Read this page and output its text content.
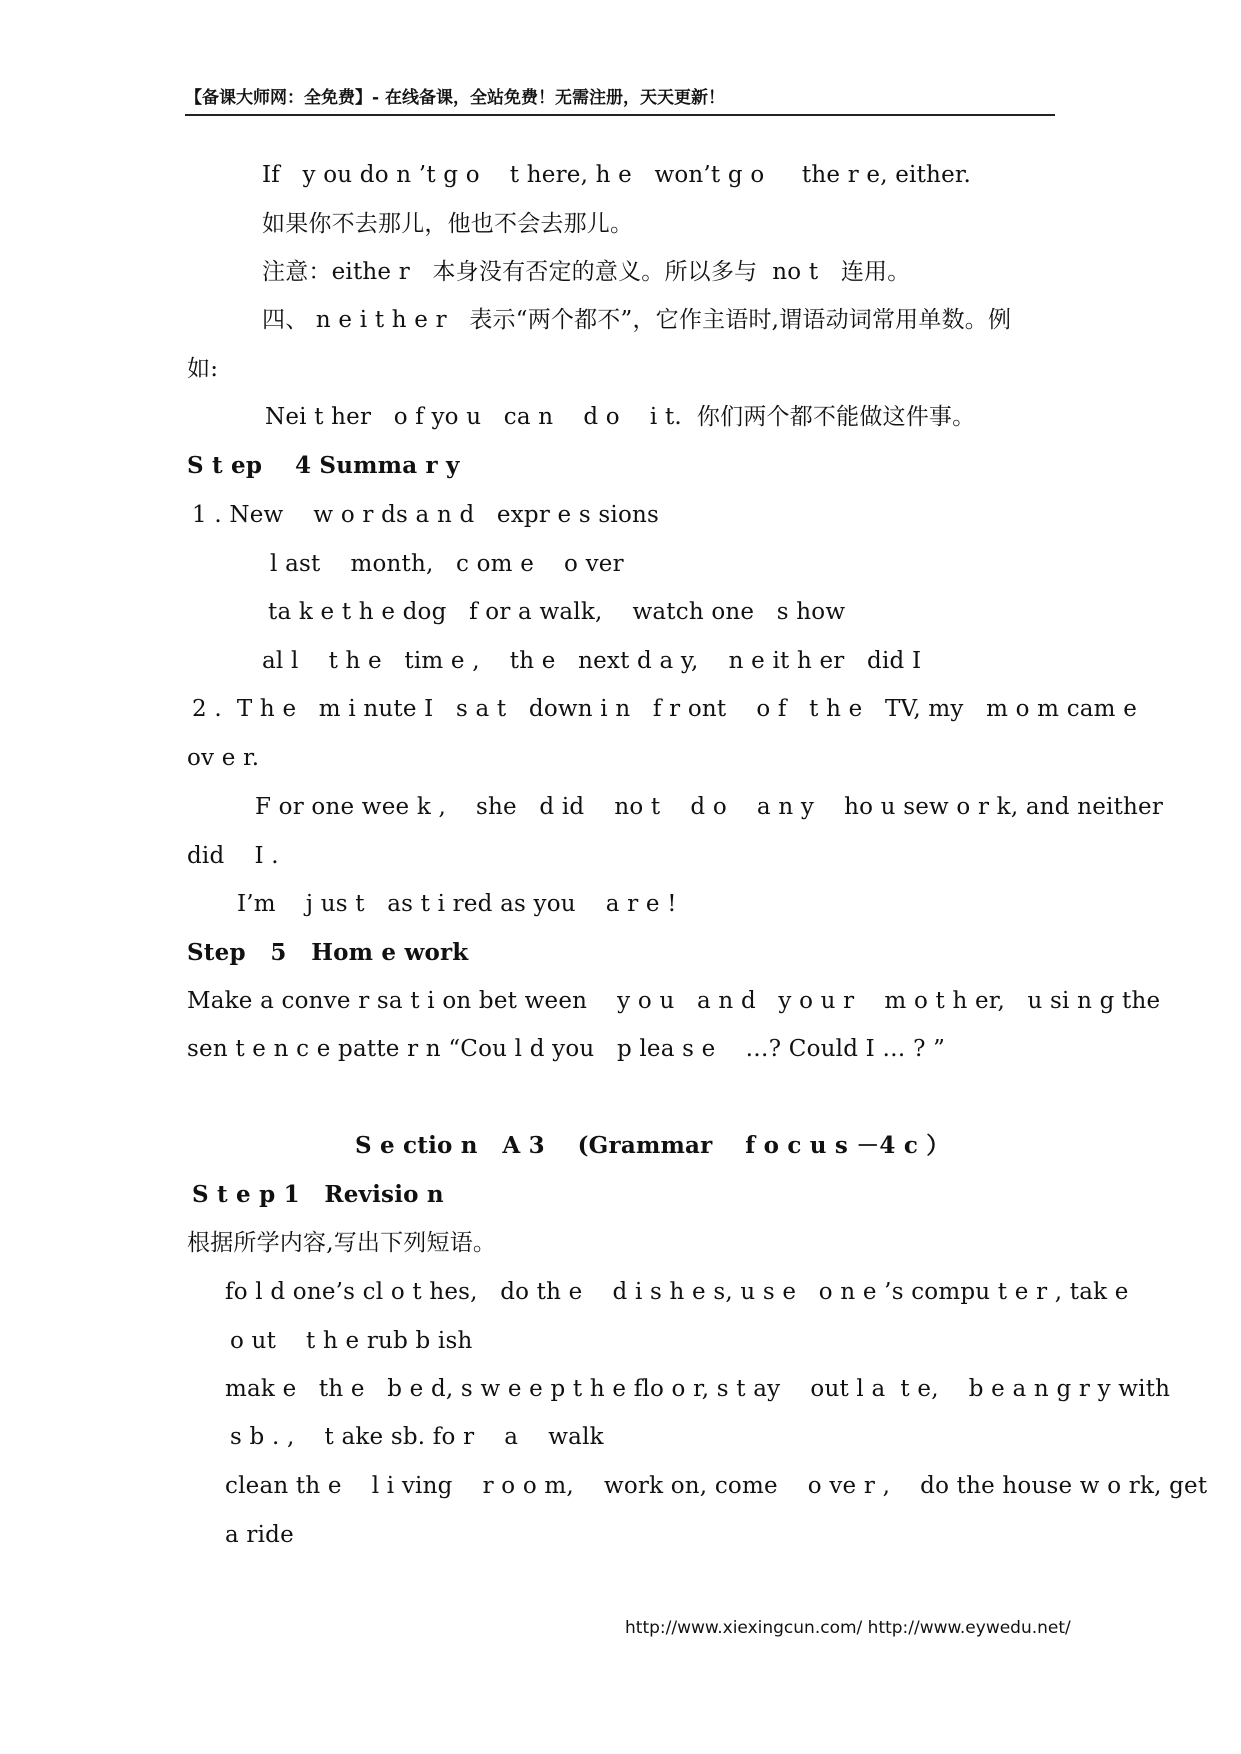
【备课大师网：全免费】- 在线备课，全站免费！无需注册，天天更新！
If   y ou do n ’t g o    t here, h e   won’t g o     the r e, either.
如果你不去那儿，他也不会去那儿。
注意：eithe r   本身没有否定的意义。所以多与  no t   连用。
四、 n e i t h e r   表示“两个都不”，它作主语时,谓语动词常用单数。例
如:
Nei t her   o f yo u   ca n    d o    i t.  你们两个都不能做这件事。
S t ep    4 Summa r y
1 . New    w o r ds a n d   expr e s sions
l ast    month,   c om e    o ver
ta k e t h e dog   f or a walk,    watch one   s how
al l    t h e   tim e ,    th e   next d a y,    n e it h er   did I
2 .  T h e   m i nute I   s a t   down i n   f r ont    o f   t h e   TV, my   m o m cam e
ov e r.
F or one wee k ,    she   d id    no t    d o    a n y    ho u sew o r k, and neither
did    I .
I’m    j us t   as t i red as you    a r e !
Step   5   Hom e work
Make a conve r sa t i on bet ween    y o u   a n d   y o u r    m o t h er,   u si n g the
sen t e n c e patte r n “Cou l d you   p lea s e    …? Could I … ? ”
S e ctio n   A 3    (Grammar    f o c u s －4 c ）
S t e p 1   Revisio n
根据所学内容,写出下列短语。
fo l d one’s cl o t hes,   do th e    d i s h e s, u s e   o n e ’s compu t e r , tak e
o ut    t h e rub b ish
mak e   th e   b e d, s w e e p t h e flo o r, s t ay    out l a  t e,    b e a n g r y with
s b . ,    t ake sb. fo r    a    walk
clean th e    l i ving    r o o m,    work on, come    o ve r ,    do the house w o rk, get
a ride
http://www.xiexingcun.com/ http://www.eywedu.net/
